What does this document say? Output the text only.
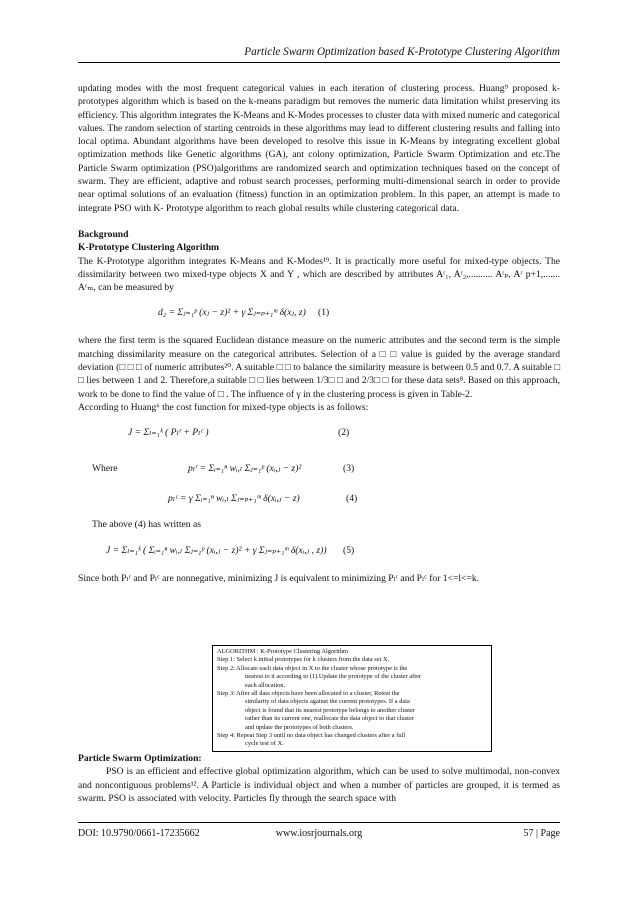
Particle Swarm Optimization based K-Prototype Clustering Algorithm

updating modes with the most frequent categorical values in each iteration of clustering process. Huang⁹ proposed k-prototypes algorithm which is based on the k-means paradigm but removes the numeric data limitation whilst preserving its efficiency. This algorithm integrates the K-Means and K-Modes processes to cluster data with mixed numeric and categorical values. The random selection of starting centroids in these algorithms may lead to different clustering results and falling into local optima. Abundant algorithms have been developed to resolve this issue in K-Means by integrating excellent global optimization methods like Genetic algorithms (GA), ant colony optimization, Particle Swarm Optimization and etc.The Particle Swarm optimization (PSO)algorithms are randomized search and optimization techniques based on the concept of swarm. They are efficient, adaptive and robust search processes, performing multi-dimensional search in order to provide near optimal solutions of an evaluation (fitness) function in an optimization problem. In this paper, an attempt is made to integrate PSO with K- Prototype algorithm to reach global results while clustering categorical data.

Background

K-Prototype Clustering Algorithm

The K-Prototype algorithm integrates K-Means and K-Modes¹⁹. It is practically more useful for mixed-type objects. The dissimilarity between two mixed-type objects X and Y , which are described by attributes Aʳ₁, Aʳ₂,.......... Aʳₚ, Aʳ p+1,....... Aᶜₘ, can be measured by

d₂ = Σⱼ₌₁ᵖ (xⱼ − z)² + γ Σⱼ₌ₚ₊₁ᵐ δ(xⱼ, z) (1)

where the first term is the squared Euclidean distance measure on the numeric attributes and the second term is the simple matching dissimilarity measure on the categorical attributes. Selection of a □ □ value is guided by the average standard deviation (□ □ □ of numeric attributes²⁰. A suitable □ □ to balance the similarity measure is between 0.5 and 0.7. A suitable □ □ lies between 1 and 2. Therefore,a suitable □ □ lies between 1/3□ □ and 2/3□ □ for these data sets⁸. Based on this approach, work to be done to find the value of □ . The influence of γ in the clustering process is given in Table-2.

According to Huang⁶ the cost function for mixed-type objects is as follows:

J = Σₗ₌₁ᵏ ( Pₗʳ + Pₗᶜ )	(2)
Where	pₗʳ = Σᵢ₌₁ⁿ wᵢ,ₗ Σⱼ₌₁ᵖ (xᵢ,ⱼ − z)²	(3)
pₗᶜ = γ Σᵢ₌₁ⁿ wᵢ,ₗ Σⱼ₌ₚ₊₁ᵐ δ(xᵢ,ⱼ − z)	(4)

The above (4) has written as

J = Σₗ₌₁ᵏ ( Σᵢ₌₁ⁿ wᵢ,ₗ Σⱼ₌₁ᵖ (xᵢ,ⱼ − z)² + γ Σⱼ₌ₚ₊₁ᵐ δ(xᵢ,ⱼ , z)) (5)

Since both Pₗʳ and Pₗᶜ are nonnegative, minimizing J is equivalent to minimizing Pₗʳ and Pₗᶜ for 1<=l<=k.

ALGORITHM : K-Prototype Clustering Algorithm
Step 1: Select k initial prototypes for k clusters from the data set X.
Step 2: Allocate each data object in X to the cluster whose prototype is the
nearest to it according to (1).Update the prototype of the cluster after
each allocation.
Step 3: After all data objects have been allocated to a cluster, Retest the
similarity of data objects against the current prototypes. If a data
object is found that its nearest prototype belongs to another cluster
rather than its current one, reallocate the data object to that cluster
and update the prototypes of both clusters.
Step 4: Repeat Step 3 until no data object has changed clusters after a full
cycle test of X.

Particle Swarm Optimization:

PSO is an efficient and effective global optimization algorithm, which can be used to solve multimodal, non-convex and noncontiguous problems¹². A Particle is individual object and when a number of particles are grouped, it is termed as swarm. PSO is associated with velocity. Particles fly through the search space with

DOI: 10.9790/0661-17235662	www.iosrjournals.org	57 | Page
